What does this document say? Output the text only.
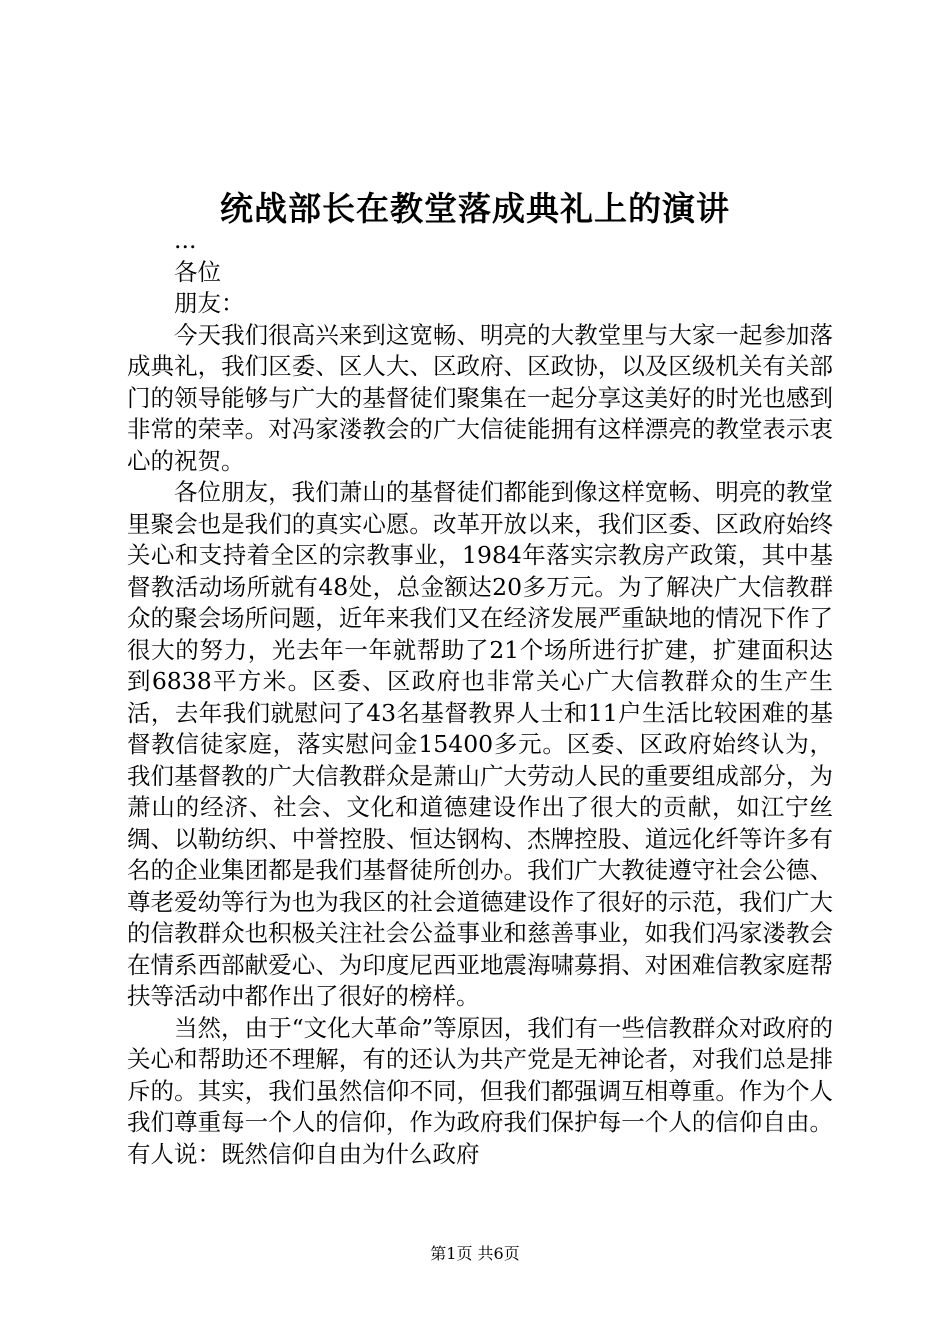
统战部长在教堂落成典礼上的演讲
...
各位
朋友：

今天我们很高兴来到这宽畅、明亮的大教堂里与大家一起参加落成典礼，我们区委、区人大、区政府、区政协，以及区级机关有关部门的领导能够与广大的基督徒们聚集在一起分享这美好的时光也感到非常的荣幸。对冯家溇教会的广大信徒能拥有这样漂亮的教堂表示衷心的祝贺。

各位朋友，我们萧山的基督徒们都能到像这样宽畅、明亮的教堂里聚会也是我们的真实心愿。改革开放以来，我们区委、区政府始终关心和支持着全区的宗教事业，1984年落实宗教房产政策，其中基督教活动场所就有48处，总金额达20多万元。为了解决广大信教群众的聚会场所问题，近年来我们又在经济发展严重缺地的情况下作了很大的努力，光去年一年就帮助了21个场所进行扩建，扩建面积达到6838平方米。区委、区政府也非常关心广大信教群众的生产生活，去年我们就慰问了43名基督教界人士和11户生活比较困难的基督教信徒家庭，落实慰问金15400多元。区委、区政府始终认为，我们基督教的广大信教群众是萧山广大劳动人民的重要组成部分，为萧山的经济、社会、文化和道德建设作出了很大的贡献，如江宁丝绸、以勒纺织、中誉控股、恒达钢构、杰牌控股、道远化纤等许多有名的企业集团都是我们基督徒所创办。我们广大教徒遵守社会公德、尊老爱幼等行为也为我区的社会道德建设作了很好的示范，我们广大的信教群众也积极关注社会公益事业和慈善事业，如我们冯家溇教会在情系西部献爱心、为印度尼西亚地震海啸募捐、对困难信教家庭帮扶等活动中都作出了很好的榜样。

当然，由于“文化大革命”等原因，我们有一些信教群众对政府的关心和帮助还不理解，有的还认为共产党是无神论者，对我们总是排斥的。其实，我们虽然信仰不同，但我们都强调互相尊重。作为个人我们尊重每一个人的信仰，作为政府我们保护每一个人的信仰自由。有人说：既然信仰自由为什么政府

第1页 共6页
